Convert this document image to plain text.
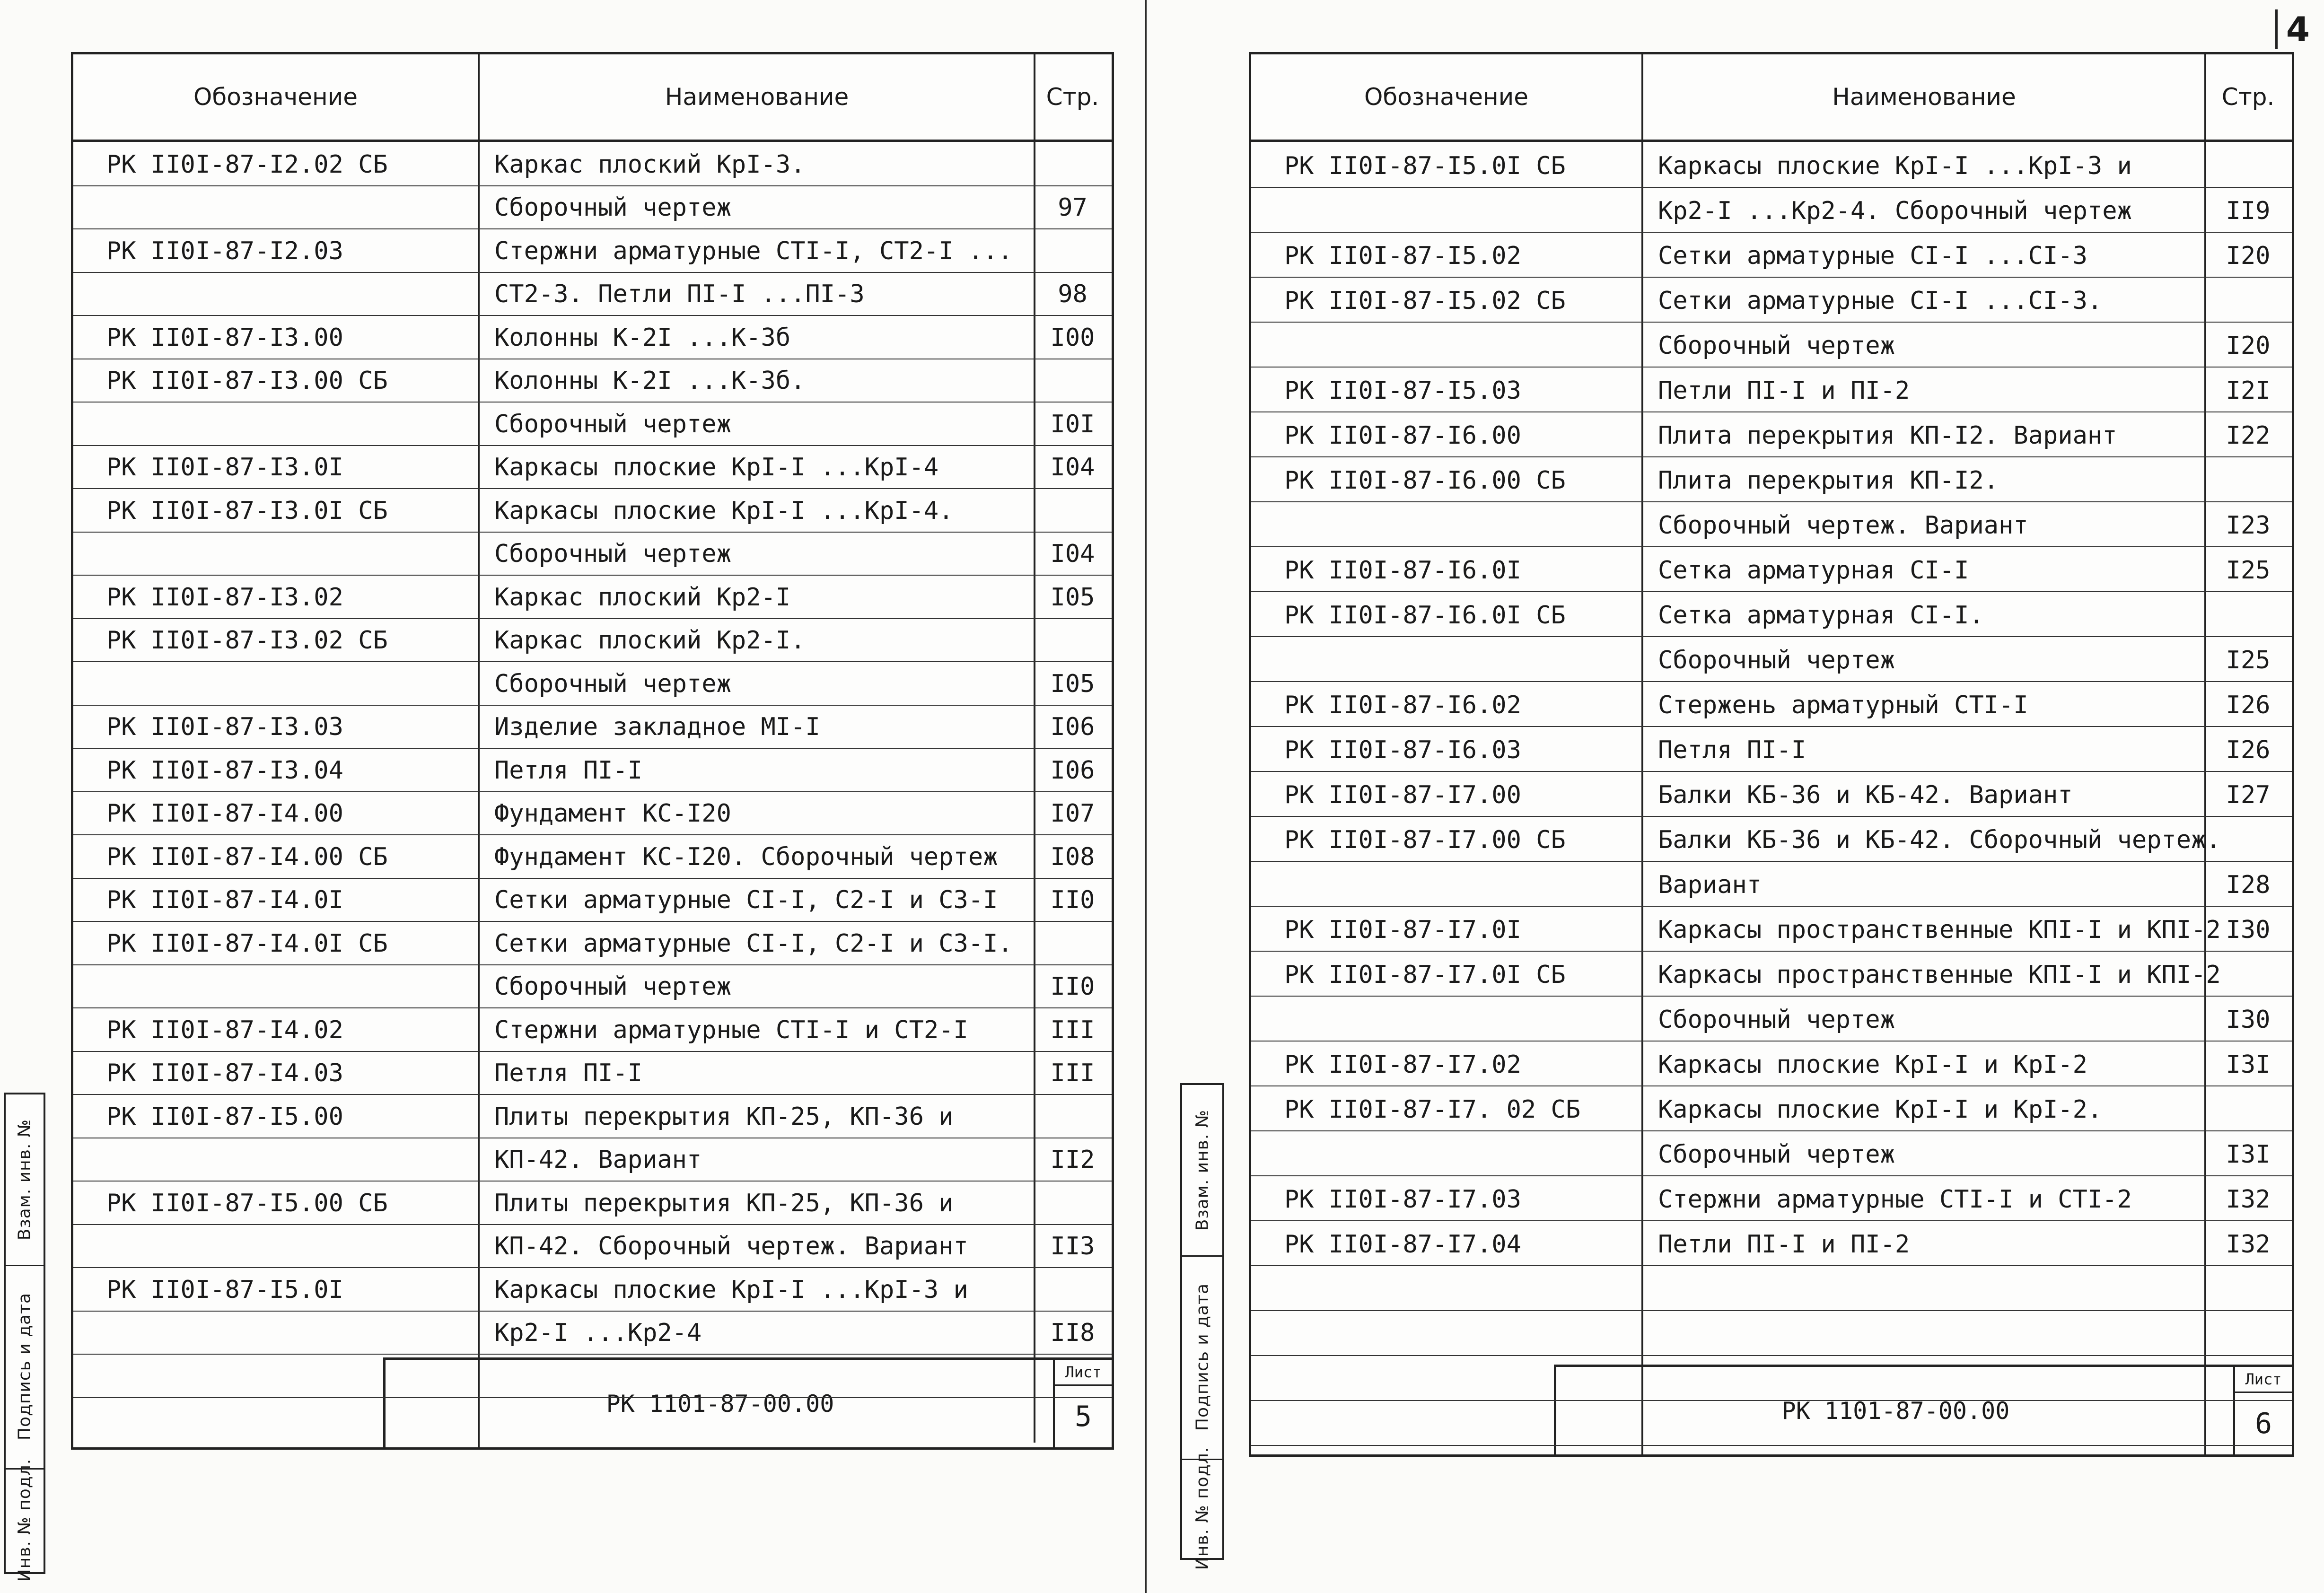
Обозначение	Наименование	Стр.
РК 1101-87-00.00
Лист
5
РК II0I-87-I2.02 СБ	Каркас плоский КрI-3.
Сборочный чертеж	97
РК II0I-87-I2.03	Стержни арматурные СТI-I, СТ2-I ...
СТ2-3. Петли ПI-I ...ПI-3	98
РК II0I-87-I3.00	Колонны К-2I ...К-3б	I00
РК II0I-87-I3.00 СБ	Колонны К-2I ...К-3б.
Сборочный чертеж	I0I
РК II0I-87-I3.0I	Каркасы плоские КрI-I ...КрI-4	I04
РК II0I-87-I3.0I СБ	Каркасы плоские КрI-I ...КрI-4.
Сборочный чертеж	I04
РК II0I-87-I3.02	Каркас плоский Кр2-I	I05
РК II0I-87-I3.02 СБ	Каркас плоский Кр2-I.
Сборочный чертеж	I05
РК II0I-87-I3.03	Изделие закладное МI-I	I06
РК II0I-87-I3.04	Петля ПI-I	I06
РК II0I-87-I4.00	Фундамент КС-I20	I07
РК II0I-87-I4.00 СБ	Фундамент КС-I20. Сборочный чертеж	I08
РК II0I-87-I4.0I	Сетки арматурные СI-I, С2-I и С3-I	II0
РК II0I-87-I4.0I СБ	Сетки арматурные СI-I, С2-I и С3-I.
Сборочный чертеж	II0
РК II0I-87-I4.02	Стержни арматурные СТI-I и СТ2-I	III
РК II0I-87-I4.03	Петля ПI-I	III
РК II0I-87-I5.00	Плиты перекрытия КП-25, КП-36 и
КП-42. Вариант	II2
РК II0I-87-I5.00 СБ	Плиты перекрытия КП-25, КП-36 и
КП-42. Сборочный чертеж. Вариант	II3
РК II0I-87-I5.0I	Каркасы плоские КрI-I ...КрI-3 и
Кр2-I ...Кр2-4	II8
Взам. инв. №
Подпись и дата
Инв. № подл.
Взам. инв. №
Подпись и дата
Инв. № подл.
Обозначение	Наименование	Стр.
РК 1101-87-00.00
Лист
6
РК II0I-87-I5.0I СБ	Каркасы плоские КрI-I ...КрI-3 и
Кр2-I ...Кр2-4. Сборочный чертеж	II9
РК II0I-87-I5.02	Сетки арматурные СI-I ...СI-3	I20
РК II0I-87-I5.02 СБ	Сетки арматурные СI-I ...СI-3.
Сборочный чертеж	I20
РК II0I-87-I5.03	Петли ПI-I и ПI-2	I2I
РК II0I-87-I6.00	Плита перекрытия КП-I2. Вариант	I22
РК II0I-87-I6.00 СБ	Плита перекрытия КП-I2.
Сборочный чертеж. Вариант	I23
РК II0I-87-I6.0I	Сетка арматурная СI-I	I25
РК II0I-87-I6.0I СБ	Сетка арматурная СI-I.
Сборочный чертеж	I25
РК II0I-87-I6.02	Стержень арматурный СТI-I	I26
РК II0I-87-I6.03	Петля ПI-I	I26
РК II0I-87-I7.00	Балки КБ-36 и КБ-42. Вариант	I27
РК II0I-87-I7.00 СБ	Балки КБ-36 и КБ-42. Сборочный чертеж.
Вариант	I28
РК II0I-87-I7.0I	Каркасы пространственные КПI-I и КПI-2 I30
РК II0I-87-I7.0I СБ	Каркасы пространственные КПI-I и КПI-2
Сборочный чертеж	I30
РК II0I-87-I7.02	Каркасы плоские КрI-I и КрI-2	I3I
РК II0I-87-I7. 02 СБ	Каркасы плоские КрI-I и КрI-2.
Сборочный чертеж	I3I
РК II0I-87-I7.03	Стержни арматурные СТI-I и СТI-2	I32
РК II0I-87-I7.04	Петли ПI-I и ПI-2	I32
4
